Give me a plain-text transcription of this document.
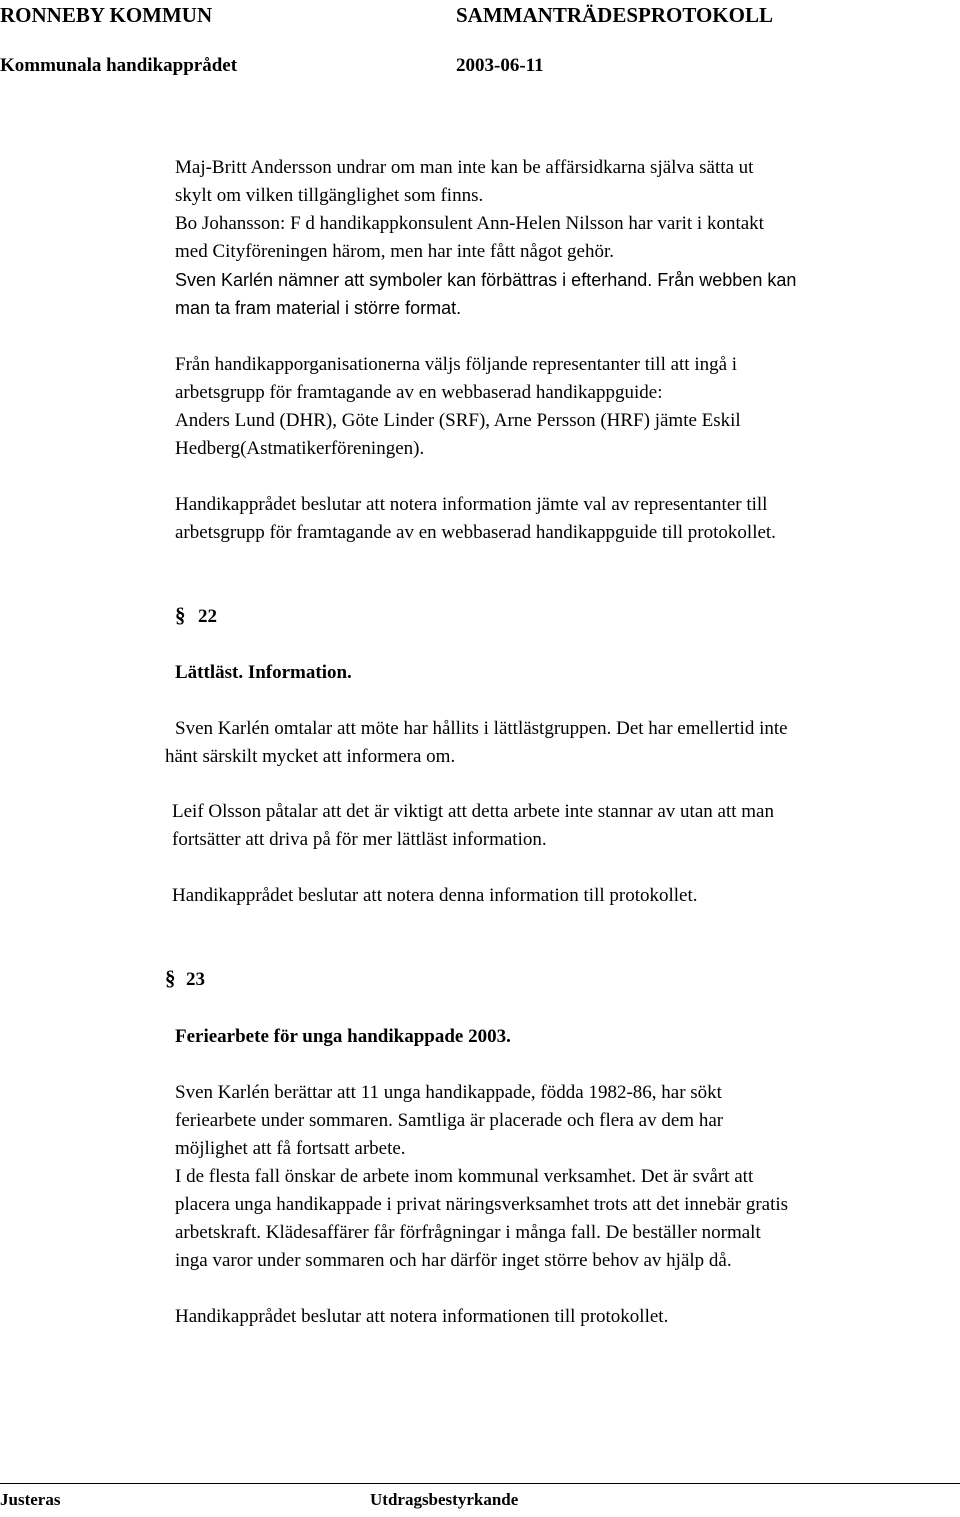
RONNEBY KOMMUN	SAMMANTRÄDESPROTOKOLL
Kommunala handikapprådet	2003-06-11
Maj-Britt Andersson undrar om man inte kan be affärsidkarna själva sätta ut
skylt om vilken tillgänglighet som finns.
Bo Johansson: F d handikappkonsulent Ann-Helen Nilsson har varit i kontakt
med Cityföreningen härom, men har inte fått något gehör.
Sven Karlén nämner att symboler kan förbättras i efterhand. Från webben kan
man ta fram material i större format.
Från handikapporganisationerna väljs följande representanter till att ingå i
arbetsgrupp för framtagande av en webbaserad handikappguide:
Anders Lund (DHR), Göte Linder (SRF), Arne Persson (HRF) jämte Eskil
Hedberg(Astmatikerföreningen).
Handikapprådet beslutar att notera information jämte val av representanter till
arbetsgrupp för framtagande av en webbaserad handikappguide till protokollet.
§ 22
Lättläst. Information.
Sven Karlén omtalar att möte har hållits i lättlästgruppen. Det har emellertid inte
hänt särskilt mycket att informera om.
Leif Olsson påtalar att det är viktigt att detta arbete inte stannar av utan att man
fortsätter att driva på för mer lättläst information.
Handikapprådet beslutar att notera denna information till protokollet.
§ 23
Feriearbete för unga handikappade 2003.
Sven Karlén berättar att 11 unga handikappade, födda 1982-86, har sökt
feriearbete under sommaren. Samtliga är placerade och flera av dem har
möjlighet att få fortsatt arbete.
I de flesta fall önskar de arbete inom kommunal verksamhet. Det är svårt att
placera unga handikappade i privat näringsverksamhet trots att det innebär gratis
arbetskraft. Klädesaffärer får förfrågningar i många fall. De beställer normalt
inga varor under sommaren och har därför inget större behov av hjälp då.
Handikapprådet beslutar att notera informationen till protokollet.
Justeras	Utdragsbestyrkande
